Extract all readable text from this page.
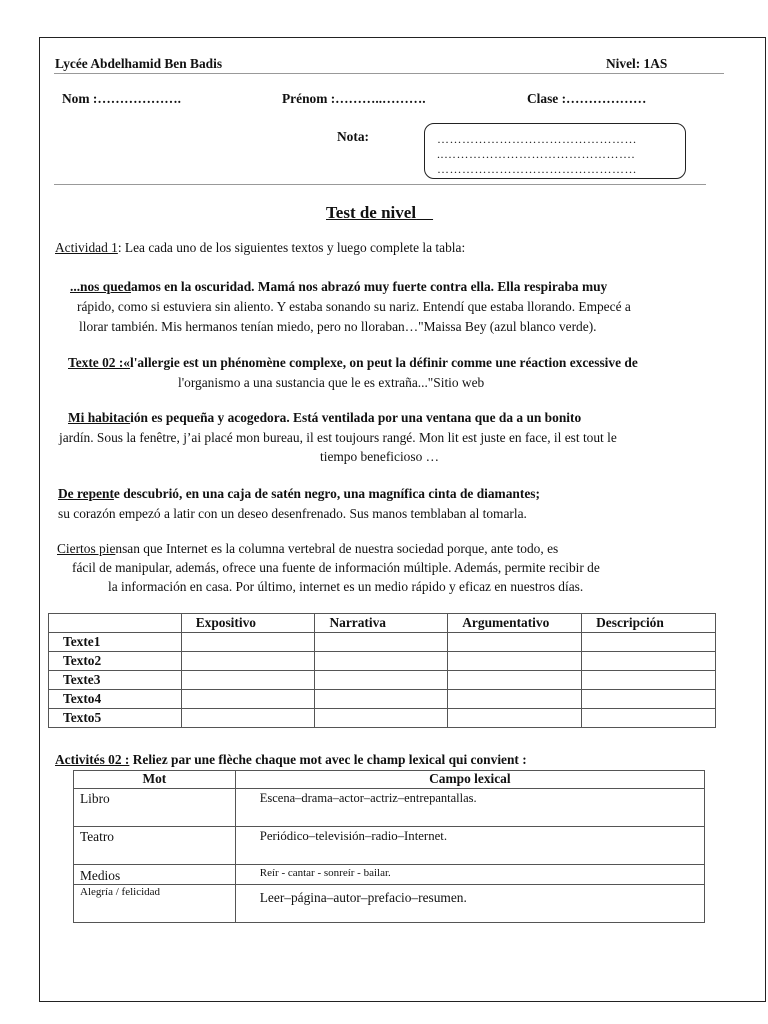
Lycée Abdelhamid Ben Badis	Nivel: 1AS
Nom :……………….	Prénom :………..……….	Clase :………………
Nota:	…………………………………………
..……………………………………….
…………………………………………
Test de nivel
Actividad 1: Lea cada uno de los siguientes textos y luego complete la tabla:
...nos quedamos en la oscuridad. Mamá nos abrazó muy fuerte contra ella. Ella respiraba muy
rápido, como si estuviera sin aliento. Y estaba sonando su nariz. Entendí que estaba llorando. Empecé a
llorar también. Mis hermanos tenían miedo, pero no lloraban…"Maissa Bey (azul blanco verde).
Texte 02 :«l'allergie est un phénomène complexe, on peut la définir comme une réaction excessive de
l'organismo a una sustancia que le es extraña..."Sitio web
Mi habitación es pequeña y acogedora. Está ventilada por una ventana que da a un bonito
jardín. Sous la fenêtre, j’ai placé mon bureau, il est toujours rangé. Mon lit est juste en face, il est tout le
tiempo beneficioso …
De repente descubrió, en una caja de satén negro, una magnífica cinta de diamantes;
su corazón empezó a latir con un deseo desenfrenado. Sus manos temblaban al tomarla.
Ciertos piensan que Internet es la columna vertebral de nuestra sociedad porque, ante todo, es
fácil de manipular, además, ofrece una fuente de información múltiple. Además, permite recibir de
la información en casa. Por último, internet es un medio rápido y eficaz en nuestros días.
	Expositivo	Narrativa	Argumentativo	Descripción
Texte1				
Texto2				
Texte3				
Texto4				
Texto5				
Activités 02 : Reliez par une flèche chaque mot avec le champ lexical qui convient :
Mot	Campo lexical
Libro	Escena–drama–actor–actriz–entrepantallas.
Teatro	Periódico–televisión–radio–Internet.
Medios	Reír - cantar - sonreír - bailar.
Alegría / felicidad	Leer–página–autor–prefacio–resumen.
